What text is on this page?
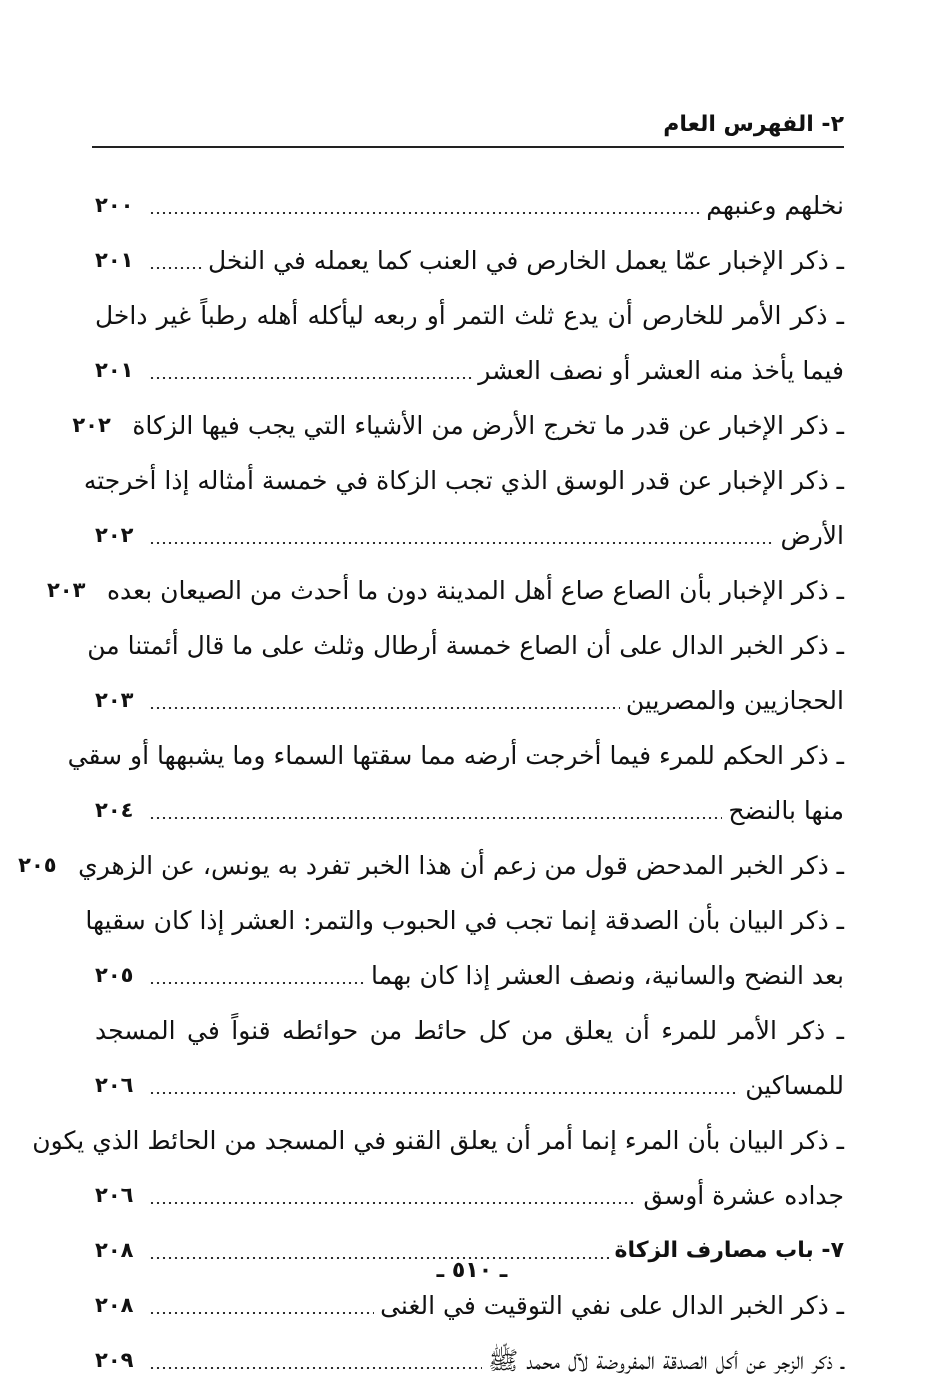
٢- الفهرس العام
نخلهم وعنبهم
٢٠٠
ـ ذكر الإخبار عمّا يعمل الخارص في العنب كما يعمله في النخل
٢٠١
ـ ذكر الأمر للخارص أن يدع ثلث التمر أو ربعه ليأكله أهله رطباً غير داخل
فيما يأخذ منه العشر أو نصف العشر
٢٠١
ـ ذكر الإخبار عن قدر ما تخرج الأرض من الأشياء التي يجب فيها الزكاة
٢٠٢
ـ ذكر الإخبار عن قدر الوسق الذي تجب الزكاة في خمسة أمثاله إذا أخرجته
الأرض
٢٠٢
ـ ذكر الإخبار بأن الصاع صاع أهل المدينة دون ما أحدث من الصيعان بعده
٢٠٣
ـ ذكر الخبر الدال على أن الصاع خمسة أرطال وثلث على ما قال أئمتنا من
الحجازيين والمصريين
٢٠٣
ـ ذكر الحكم للمرء فيما أخرجت أرضه مما سقتها السماء وما يشبهها أو سقي
منها بالنضح
٢٠٤
ـ ذكر الخبر المدحض قول من زعم أن هذا الخبر تفرد به يونس، عن الزهري
٢٠٥
ـ ذكر البيان بأن الصدقة إنما تجب في الحبوب والتمر: العشر إذا كان سقيها
بعد النضح والسانية، ونصف العشر إذا كان بهما
٢٠٥
ـ ذكر الأمر للمرء أن يعلق من كل حائط من حوائطه قنواً في المسجد
للمساكين
٢٠٦
ـ ذكر البيان بأن المرء إنما أمر أن يعلق القنو في المسجد من الحائط الذي يكون
جداده عشرة أوسق
٢٠٦
٧- باب مصارف الزكاة
٢٠٨
ـ ذكر الخبر الدال على نفي التوقيت في الغنى
٢٠٨
ـ ذكر الزجر عن أكل الصدقة المفروضة لآل محمد ﷺ
٢٠٩
ـ ٥١٠ ـ
